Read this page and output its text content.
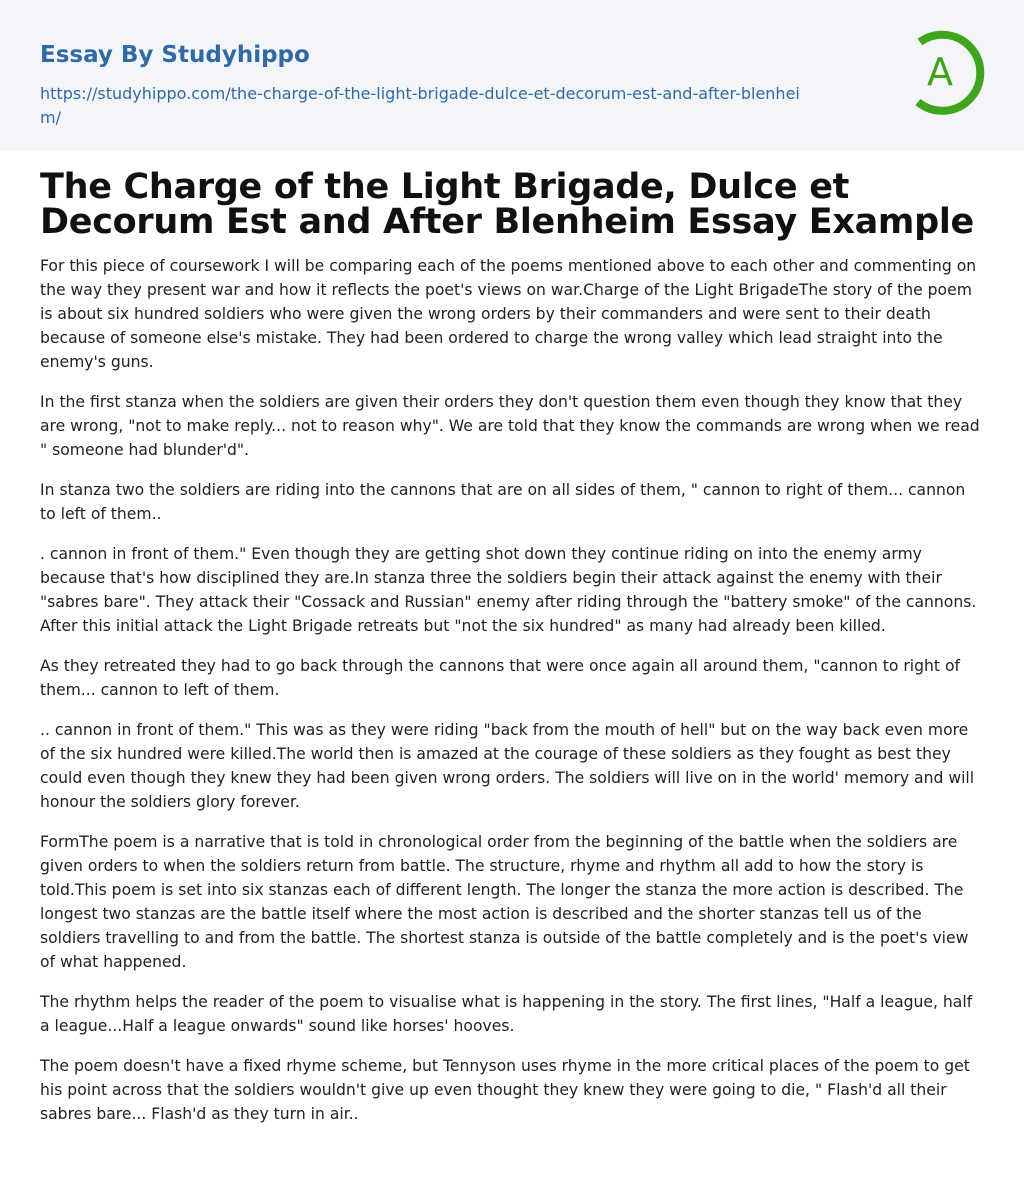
Essay By Studyhippo
https://studyhippo.com/the-charge-of-the-light-brigade-dulce-et-decorum-est-and-after-blenheim/
A
The Charge of the Light Brigade, Dulce et Decorum Est and After Blenheim Essay Example

For this piece of coursework I will be comparing each of the poems mentioned above to each other and commenting on the way they present war and how it reflects the poet's views on war.Charge of the Light BrigadeThe story of the poem is about six hundred soldiers who were given the wrong orders by their commanders and were sent to their death because of someone else's mistake. They had been ordered to charge the wrong valley which lead straight into the enemy's guns.

In the first stanza when the soldiers are given their orders they don't question them even though they know that they are wrong, "not to make reply... not to reason why". We are told that they know the commands are wrong when we read " someone had blunder'd".

In stanza two the soldiers are riding into the cannons that are on all sides of them, " cannon to right of them... cannon to left of them..

. cannon in front of them." Even though they are getting shot down they continue riding on into the enemy army because that's how disciplined they are.In stanza three the soldiers begin their attack against the enemy with their "sabres bare". They attack their "Cossack and Russian" enemy after riding through the "battery smoke" of the cannons. After this initial attack the Light Brigade retreats but "not the six hundred" as many had already been killed.

As they retreated they had to go back through the cannons that were once again all around them, "cannon to right of them... cannon to left of them.

.. cannon in front of them." This was as they were riding "back from the mouth of hell" but on the way back even more of the six hundred were killed.The world then is amazed at the courage of these soldiers as they fought as best they could even though they knew they had been given wrong orders. The soldiers will live on in the world' memory and will honour the soldiers glory forever.

FormThe poem is a narrative that is told in chronological order from the beginning of the battle when the soldiers are given orders to when the soldiers return from battle. The structure, rhyme and rhythm all add to how the story is told.This poem is set into six stanzas each of different length. The longer the stanza the more action is described. The longest two stanzas are the battle itself where the most action is described and the shorter stanzas tell us of the soldiers travelling to and from the battle. The shortest stanza is outside of the battle completely and is the poet's view of what happened.

The rhythm helps the reader of the poem to visualise what is happening in the story. The first lines, "Half a league, half a league...Half a league onwards" sound like horses' hooves.

The poem doesn't have a fixed rhyme scheme, but Tennyson uses rhyme in the more critical places of the poem to get his point across that the soldiers wouldn't give up even thought they knew they were going to die, " Flash'd all their sabres bare... Flash'd as they turn in air..
